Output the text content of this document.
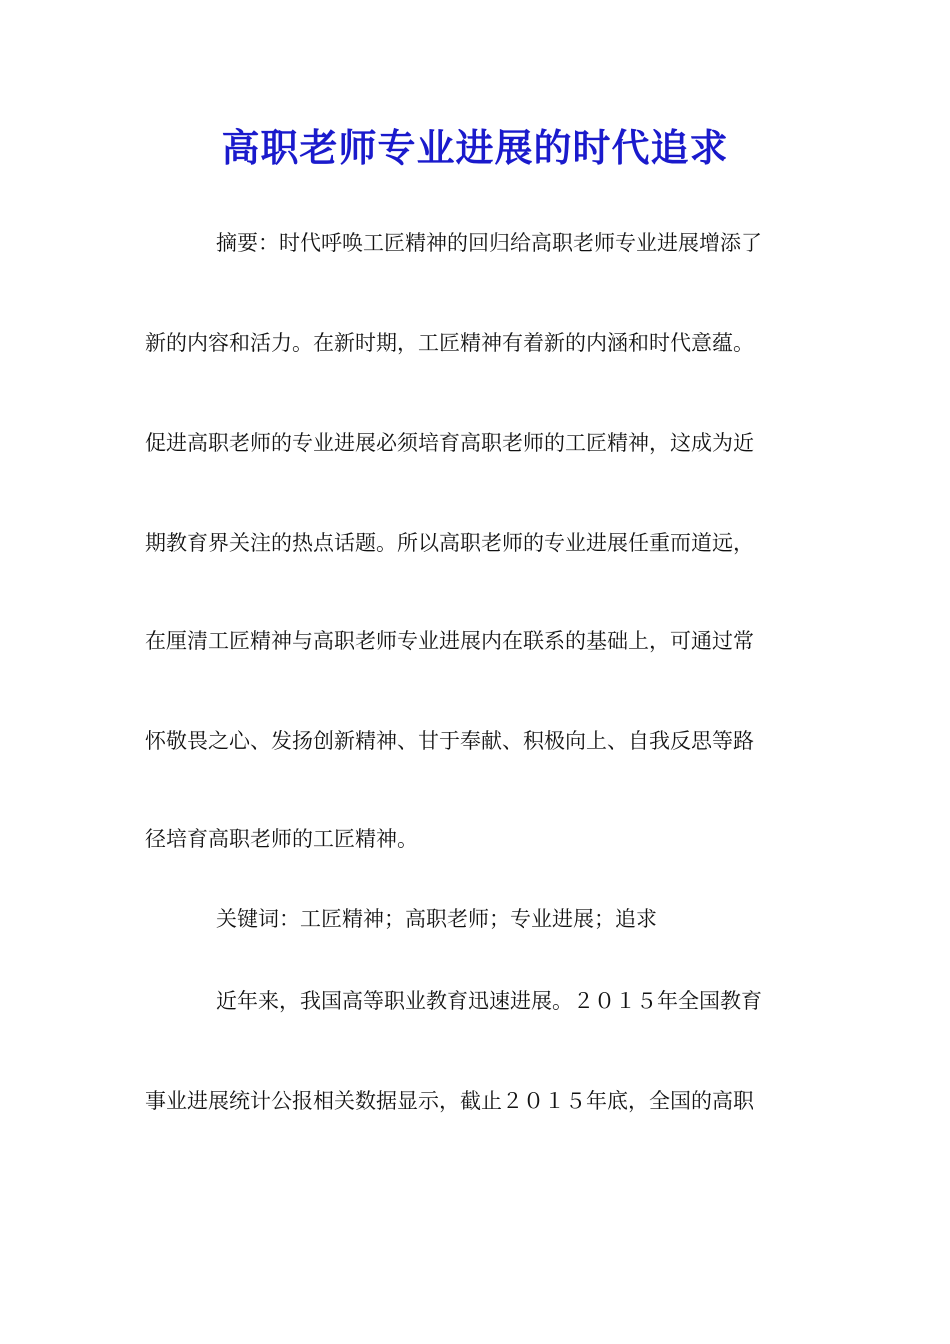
高职老师专业进展的时代追求
摘要：时代呼唤工匠精神的回归给高职老师专业进展增添了
新的内容和活力。在新时期，工匠精神有着新的内涵和时代意蕴。
促进高职老师的专业进展必须培育高职老师的工匠精神，这成为近
期教育界关注的热点话题。所以高职老师的专业进展任重而道远，
在厘清工匠精神与高职老师专业进展内在联系的基础上，可通过常
怀敬畏之心、发扬创新精神、甘于奉献、积极向上、自我反思等路
径培育高职老师的工匠精神。
关键词：工匠精神；高职老师；专业进展；追求
近年来，我国高等职业教育迅速进展。２０１５年全国教育
事业进展统计公报相关数据显示，截止２０１５年底，全国的高职
